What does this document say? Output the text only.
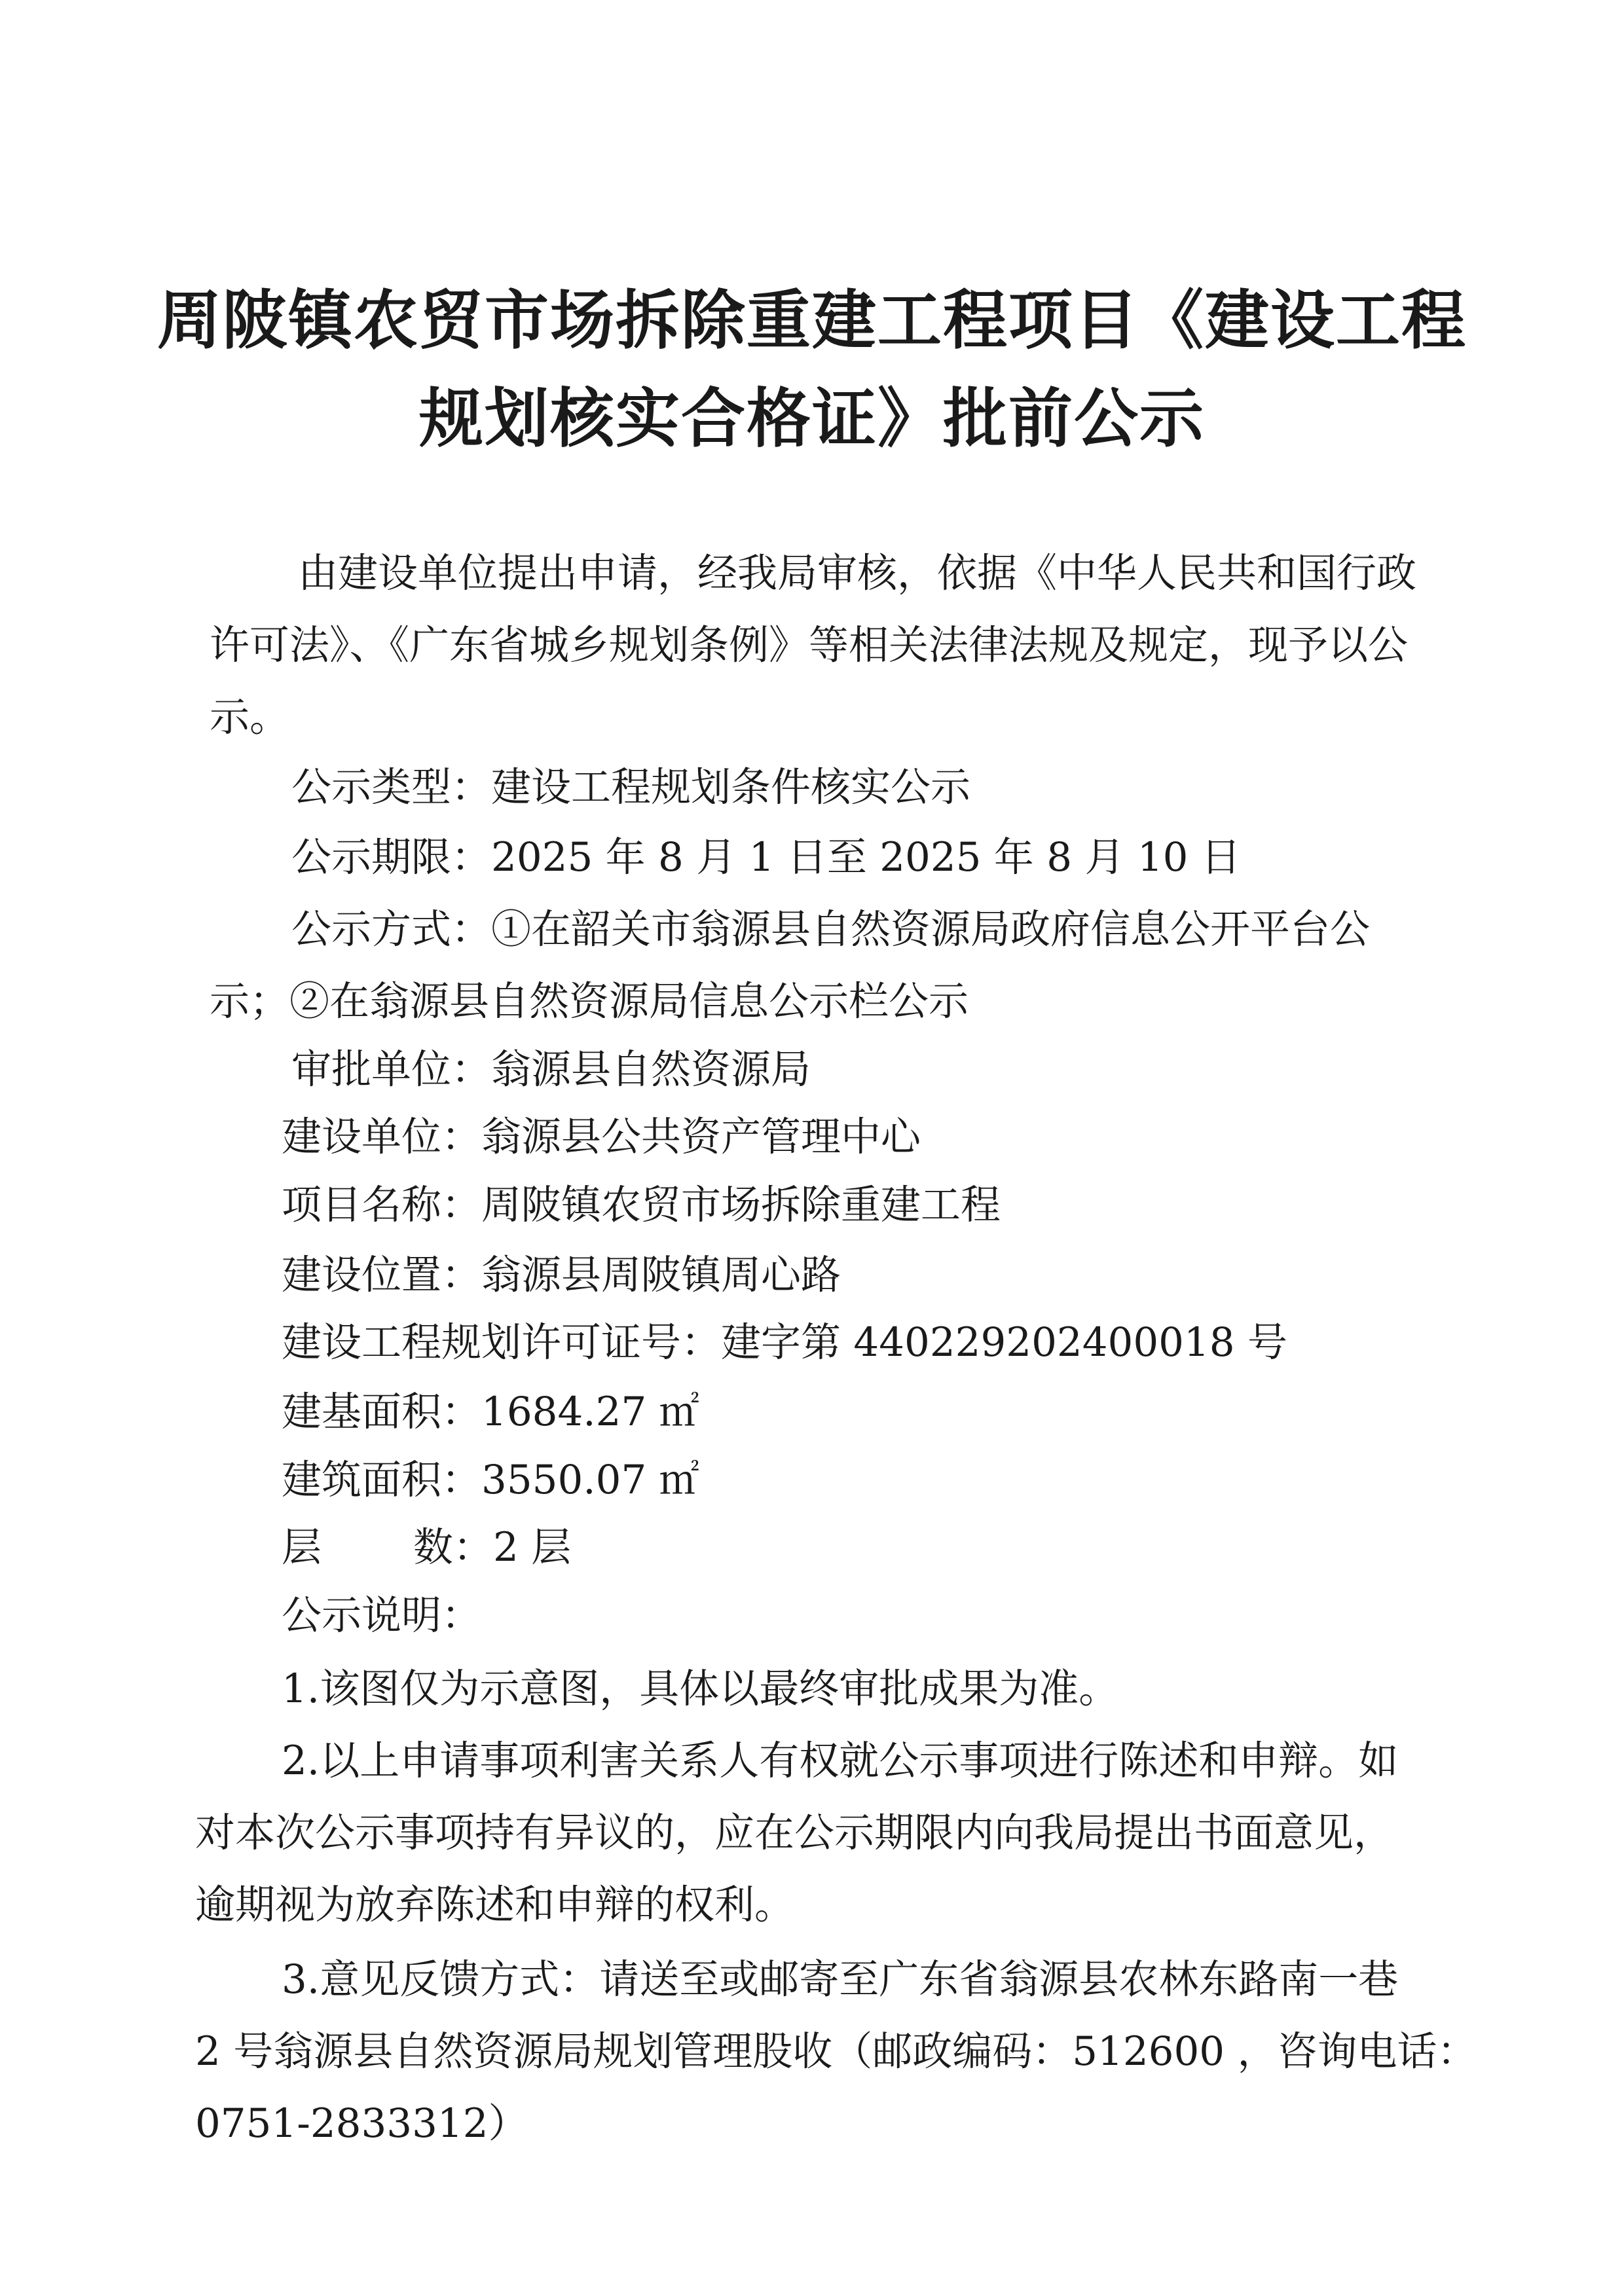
周陂镇农贸市场拆除重建工程项目《建设工程
规划核实合格证》批前公示
由建设单位提出申请，经我局审核，依据《中华人民共和国行政
许可法》、《广东省城乡规划条例》等相关法律法规及规定，现予以公
示。
公示类型：建设工程规划条件核实公示
公示期限：2025 年 8 月 1 日至 2025 年 8 月 10 日
公示方式：①在韶关市翁源县自然资源局政府信息公开平台公
示；②在翁源县自然资源局信息公示栏公示
审批单位：翁源县自然资源局
建设单位：翁源县公共资产管理中心
项目名称：周陂镇农贸市场拆除重建工程
建设位置：翁源县周陂镇周心路
建设工程规划许可证号：建字第 440229202400018 号
建基面积：1684.27 ㎡
建筑面积：3550.07 ㎡
层 数：2 层
公示说明：
1.该图仅为示意图，具体以最终审批成果为准。
2.以上申请事项利害关系人有权就公示事项进行陈述和申辩。如
对本次公示事项持有异议的，应在公示期限内向我局提出书面意见，
逾期视为放弃陈述和申辩的权利。
3.意见反馈方式：请送至或邮寄至广东省翁源县农林东路南一巷
2 号翁源县自然资源局规划管理股收（邮政编码：512600 ，咨询电话：
0751-2833312）
